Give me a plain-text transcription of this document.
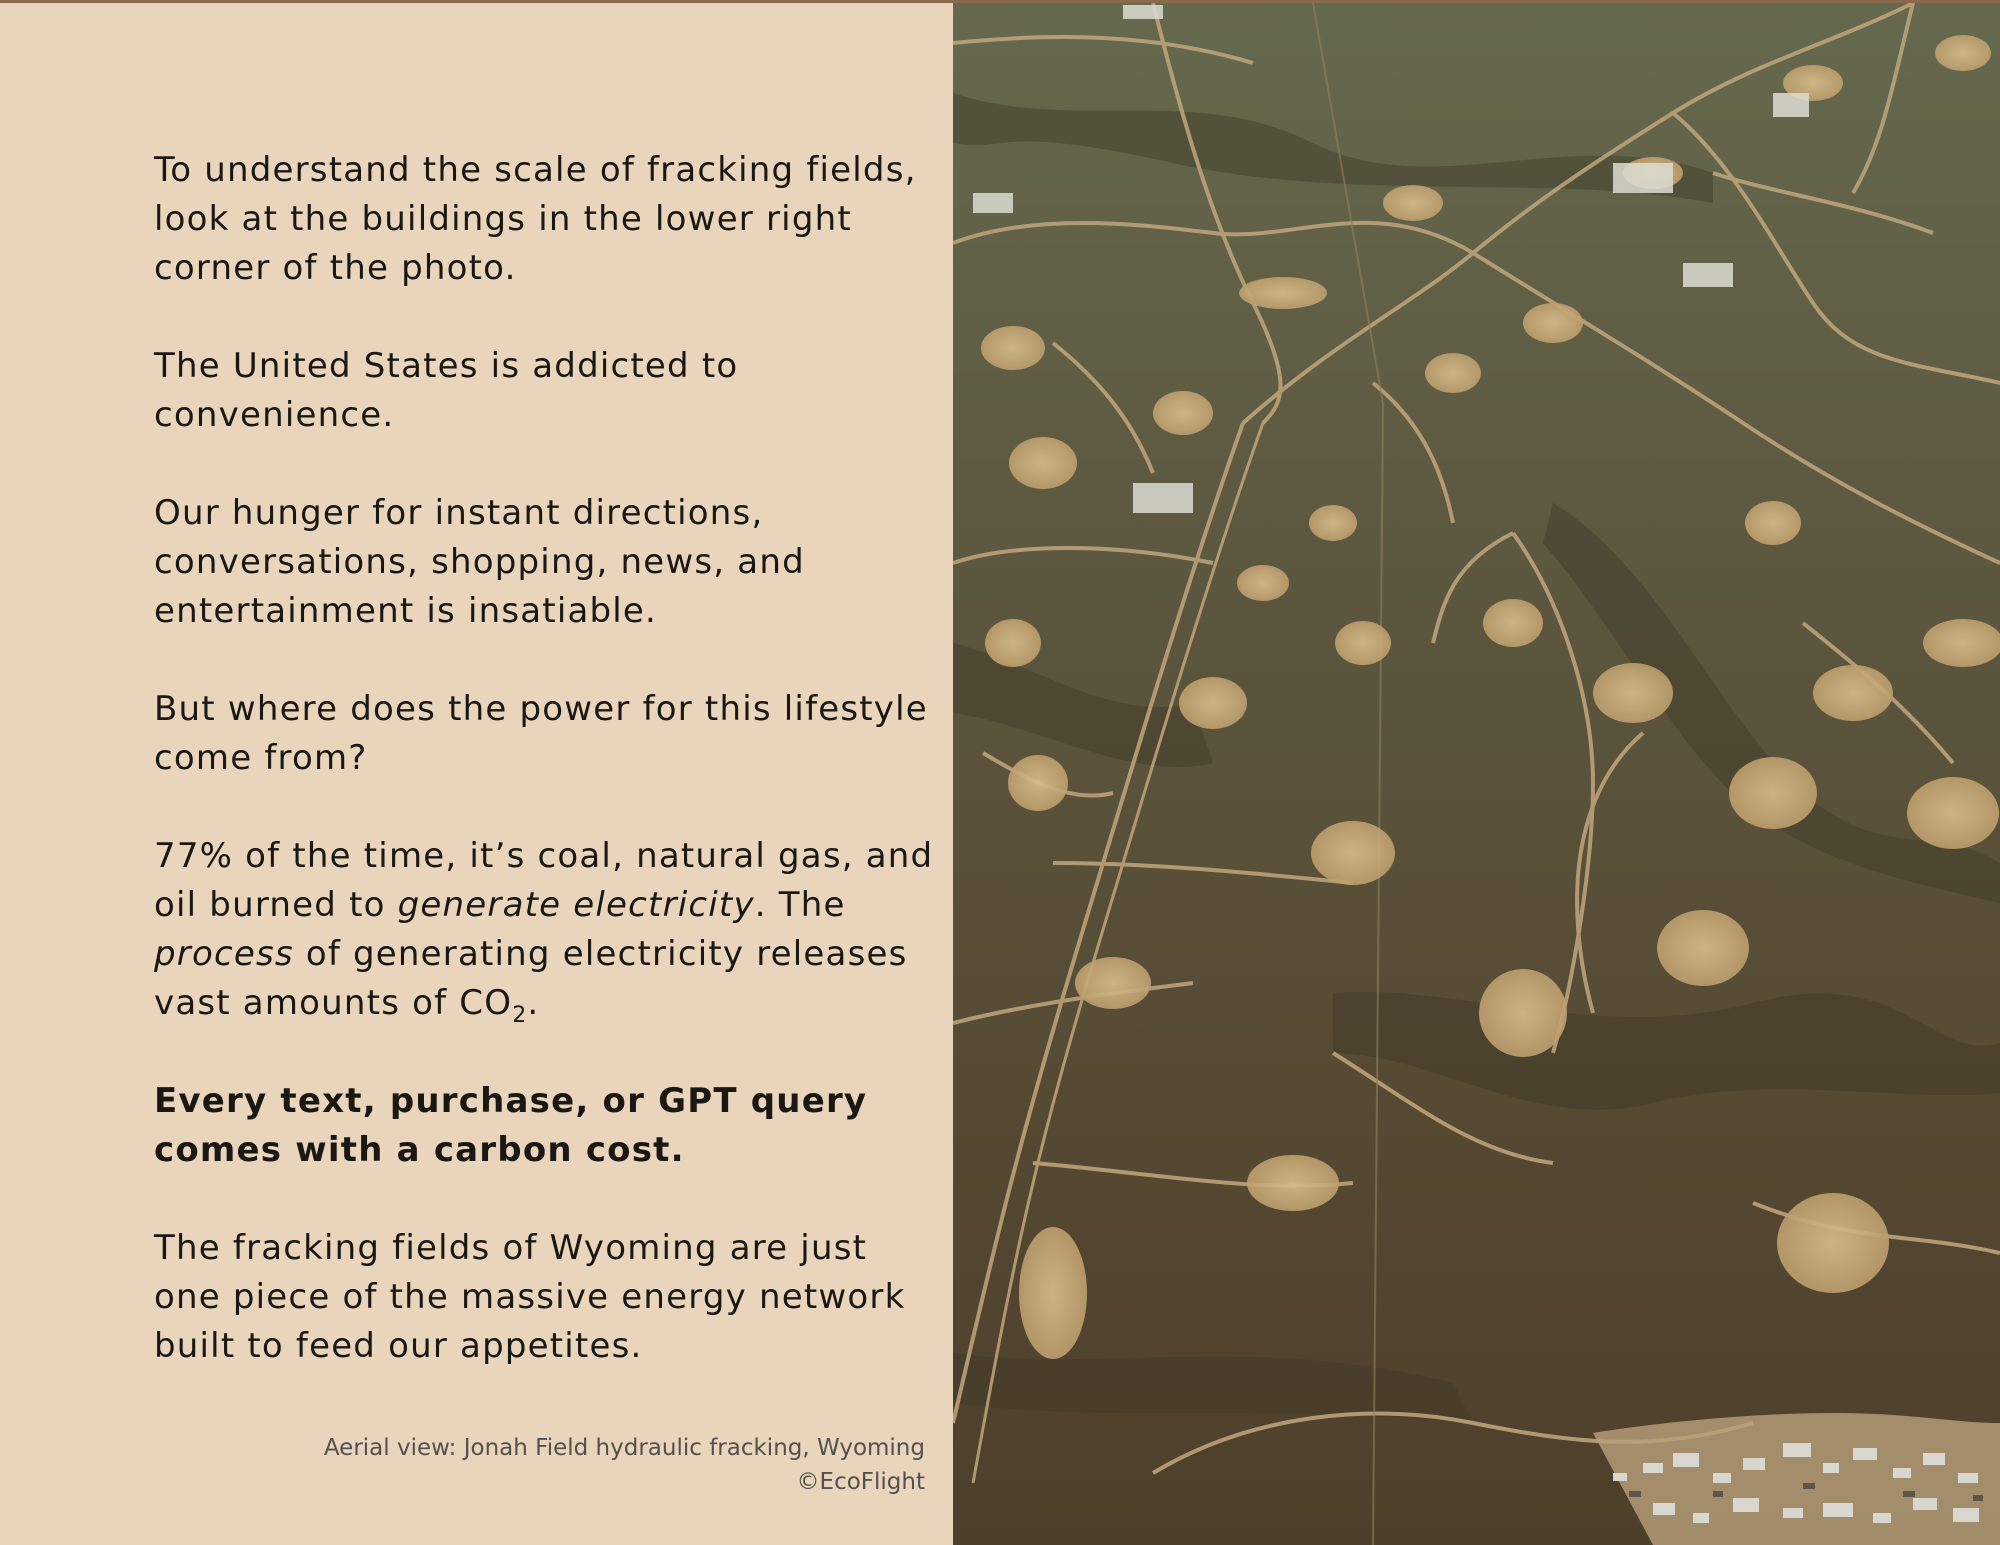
To understand the scale of fracking fields, look at the buildings in the lower right corner of the photo.

The United States is addicted to convenience.

Our hunger for instant directions, conversations, shopping, news, and entertainment is insatiable.

But where does the power for this lifestyle come from?

77% of the time, it’s coal, natural gas, and oil burned to generate electricity. The process of generating electricity releases vast amounts of $CO_2$.

Every text, purchase, or GPT query comes with a carbon cost.

The fracking fields of Wyoming are just one piece of the massive energy network built to feed our appetites.

Aerial view: Jonah Field hydraulic fracking, Wyoming
©EcoFlight
